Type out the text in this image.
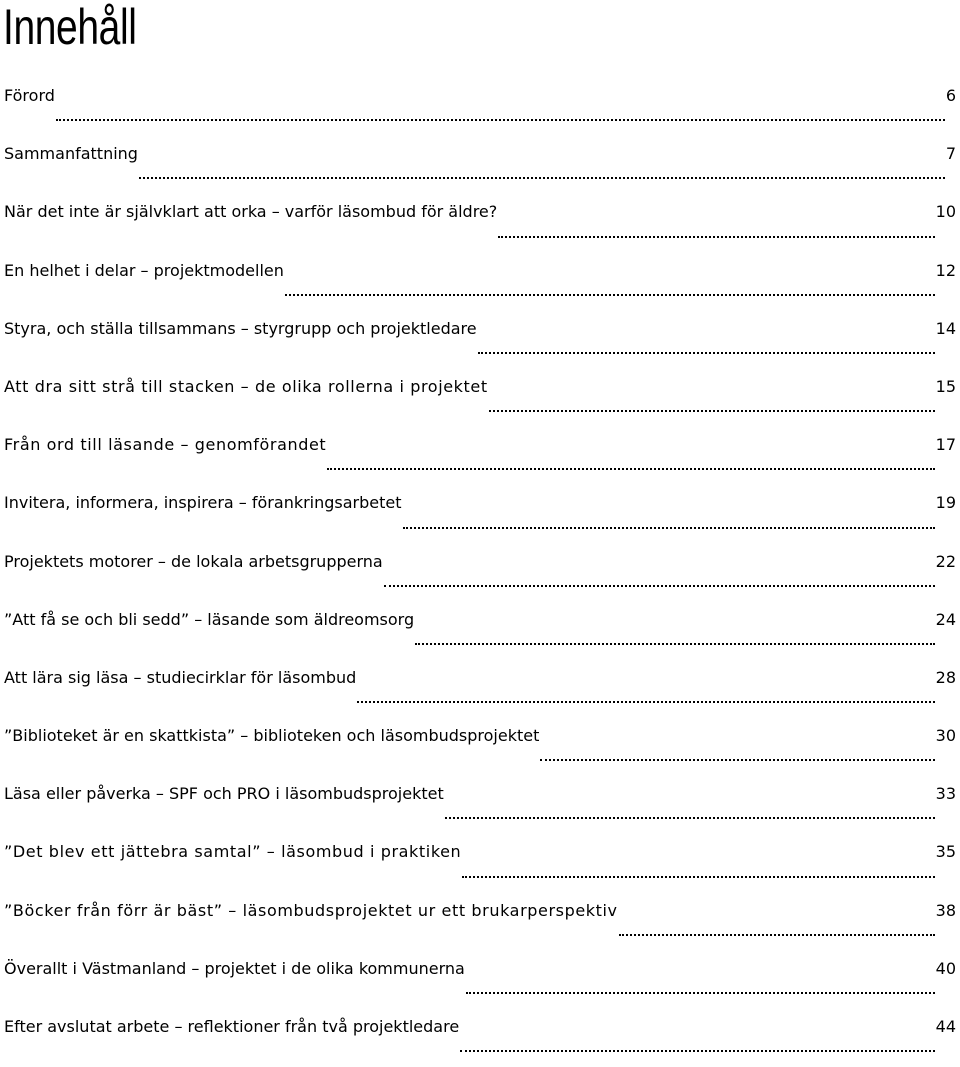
Innehåll
Förord	6
Sammanfattning	7
När det inte är självklart att orka – varför läsombud för äldre?	10
En helhet i delar – projektmodellen	12
Styra, och ställa tillsammans – styrgrupp och projektledare	14
Att dra sitt strå till stacken – de olika rollerna i projektet	15
Från ord till läsande – genomförandet	17
Invitera, informera, inspirera – förankringsarbetet	19
Projektets motorer – de lokala arbetsgrupperna	22
”Att få se och bli sedd” – läsande som äldreomsorg	24
Att lära sig läsa – studiecirklar för läsombud	28
”Biblioteket är en skattkista” – biblioteken och läsombudsprojektet	30
Läsa eller påverka – SPF och PRO i läsombudsprojektet	33
”Det blev ett jättebra samtal” – läsombud i praktiken	35
”Böcker från förr är bäst” – läsombudsprojektet ur ett brukarperspektiv	38
Överallt i Västmanland – projektet i de olika kommunerna	40
Efter avslutat arbete – reflektioner från två projektledare	44
